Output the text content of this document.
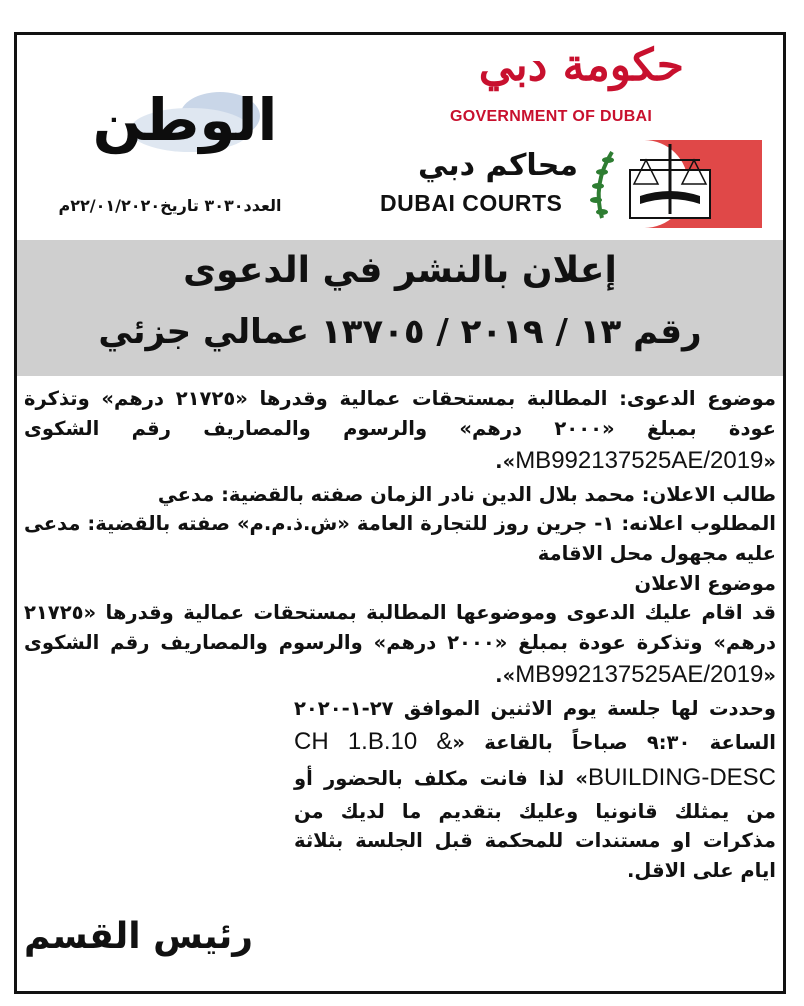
حكومة دبي
GOVERNMENT OF DUBAI
محاكم دبي
DUBAI COURTS
الوطن
العدد٣٠٣٠ تاريخ٢٢/٠١/٢٠٢٠م
إعلان بالنشر في الدعوى
رقم ١٣ / ٢٠١٩ / ١٣٧٠٥ عمالي جزئي

موضوع الدعوى: المطالبة بمستحقات عمالية وقدرها «٢١٧٢٥ درهم» وتذكرة عودة بمبلغ «٢٠٠٠ درهم» والرسوم والمصاريف رقم الشكوى «MB992137525AE/2019».

طالب الاعلان: محمد بلال الدين نادر الزمان صفته بالقضية: مدعي

المطلوب اعلانه: ١- جرين روز للتجارة العامة «ش.ذ.م.م» صفته بالقضية: مدعى عليه مجهول محل الاقامة

موضوع الاعلان

قد اقام عليك الدعوى وموضوعها المطالبة بمستحقات عمالية وقدرها «٢١٧٢٥ درهم» وتذكرة عودة بمبلغ «٢٠٠٠ درهم» والرسوم والمصاريف رقم الشكوى «MB992137525AE/2019».

وحددت لها جلسة يوم الاثنين الموافق ٢٧-١-٢٠٢٠ الساعة ٩:٣٠ صباحاً بالقاعة «CH 1.B.10 & BUILDING-DESC» لذا فانت مكلف بالحضور أو من يمثلك قانونيا وعليك بتقديم ما لديك من مذكرات او مستندات للمحكمة قبل الجلسة بثلاثة ايام على الاقل.

رئيس القسم
